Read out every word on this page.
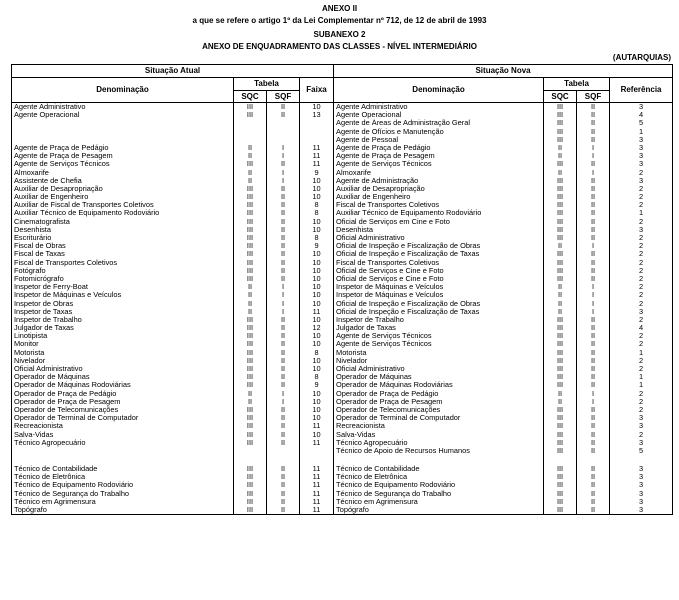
ANEXO II
a que se refere o artigo 1º da Lei Complementar nº 712, de 12 de abril de 1993
SUBANEXO 2
ANEXO DE ENQUADRAMENTO DAS CLASSES - NÍVEL INTERMEDIÁRIO
(AUTARQUIAS)
Situação Atual				Situação Nova			
Denominação	Tabela		Faixa	Denominação	Tabela		Referência
	SQC	SQF			SQC	SQF	
Agente Administrativo	III	II	10	Agente Administrativo	III	II	3
Agente Operacional	III	II	13	Agente Operacional	III	II	4
				Agente de Áreas de Administração Geral	III	II	5
				Agente de Ofícios e Manutenção	III	II	1
				Agente de Pessoal	III	II	3
Agente de Praça de Pedágio	II	I	11	Agente de Praça de Pedágio	II	I	3
Agente de Praça de Pesagem	II	I	11	Agente de Praça de Pesagem	II	I	3
Agente de Serviços Técnicos	III	II	11	Agente de Serviços Técnicos	III	II	3
Almoxarife	II	I	9	Almoxarife	II	I	2
Assistente de Chefia	II	I	10	Agente de Administração	III	II	3
Auxiliar de Desapropriação	III	II	10	Auxiliar de Desapropriação	III	II	2
Auxiliar de Engenheiro	III	II	10	Auxiliar de Engenheiro	III	II	2
Auxiliar de Fiscal de Transportes Coletivos	III	II	8	Fiscal de Transportes Coletivos	III	II	2
Auxiliar Técnico de Equipamento Rodoviário	III	II	8	Auxiliar Técnico de Equipamento Rodoviário	III	II	1
Cinematografista	III	II	10	Oficial de Serviços em Cine e Foto	III	II	2
Desenhista	III	II	10	Desenhista	III	II	3
Escriturário	III	II	8	Oficial Administrativo	III	II	2
Fiscal de Obras	III	II	9	Oficial de Inspeção e Fiscalização de Obras	II	I	2
Fiscal de Taxas	III	II	10	Oficial de Inspeção e Fiscalização de Taxas	III	II	2
Fiscal de Transportes Coletivos	III	II	10	Fiscal de Transportes Coletivos	III	II	2
Fotógrafo	III	II	10	Oficial de Serviços e Cine e Foto	III	II	2
Fotomicrógrafo	III	II	10	Oficial de Serviços e Cine e Foto	III	II	2
Inspetor de Ferry-Boat	II	I	10	Inspetor de Máquinas e Veículos	II	I	2
Inspetor de Máquinas e Veículos	II	I	10	Inspetor de Máquinas e Veículos	II	I	2
Inspetor de Obras	II	I	10	Oficial de Inspeção e Fiscalização de Obras	II	I	2
Inspetor de Taxas	II	I	11	Oficial de Inspeção e Fiscalização de Taxas	II	I	3
Inspetor de Trabalho	III	II	10	Inspetor de Trabalho	III	II	2
Julgador de Taxas	III	II	12	Julgador de Taxas	III	II	4
Linotipista	III	II	10	Agente de Serviços Técnicos	III	II	2
Monitor	III	II	10	Agente de Serviços Técnicos	III	II	2
Motorista	III	II	8	Motorista	III	II	1
Nivelador	III	II	10	Nivelador	III	II	2
Oficial Administrativo	III	II	10	Oficial Administrativo	III	II	2
Operador de Máquinas	III	II	8	Operador de Máquinas	III	II	1
Operador de Máquinas Rodoviárias	III	II	9	Operador de Máquinas Rodoviárias	III	II	1
Operador de Praça de Pedágio	II	I	10	Operador de Praça de Pedágio	II	I	2
Operador de Praça de Pesagem	II	I	10	Operador de Praça de Pesagem	II	I	2
Operador de Telecomunicações	III	II	10	Operador de Telecomunicações	III	II	2
Operador de Terminal de Computador	III	II	10	Operador de Terminal de Computador	III	II	3
Recreacionista	III	II	11	Recreacionista	III	II	3
Salva-Vidas	III	II	10	Salva-Vidas	III	II	2
Técnico Agropecuário	III	II	11	Técnico Agropecuário	III	II	3
				Técnico de Apoio de Recursos Humanos	III	II	5

Técnico de Contabilidade	III	II	11	Técnico de Contabilidade	III	II	3
Técnico de Eletrônica	III	II	11	Técnico de Eletrônica	III	II	3
Técnico de Equipamento Rodoviário	III	II	11	Técnico de Equipamento Rodoviário	III	II	3
Técnico de Segurança do Trabalho	III	II	11	Técnico de Segurança do Trabalho	III	II	3
Técnico em Agrimensura	III	II	11	Técnico em Agrimensura	III	II	3
Topógrafo	III	II	11	Topógrafo	III	II	3
